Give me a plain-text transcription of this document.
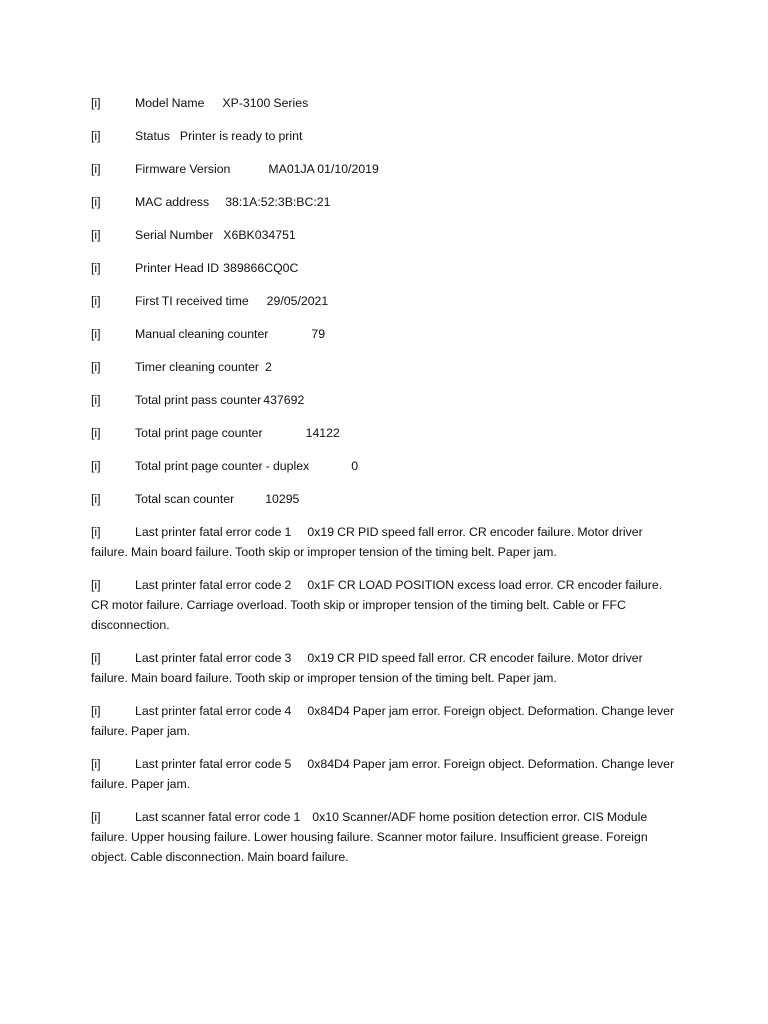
[i]	Model Name XP-3100 Series
[i]	Status Printer is ready to print
[i]	Firmware Version	MA01JA 01/10/2019
[i]	MAC address 38:1A:52:3B:BC:21
[i]	Serial Number X6BK034751
[i]	Printer Head ID 389866CQ0C
[i]	First TI received time 29/05/2021
[i]	Manual cleaning counter	79
[i]	Timer cleaning counter 2
[i]	Total print pass counter 437692
[i]	Total print page counter	14122
[i]	Total print page counter - duplex	0
[i]	Total scan counter	10295
[i]	Last printer fatal error code 1 0x19 CR PID speed fall error. CR encoder failure. Motor driver failure. Main board failure. Tooth skip or improper tension of the timing belt. Paper jam.
[i]	Last printer fatal error code 2 0x1F CR LOAD POSITION excess load error. CR encoder failure. CR motor failure. Carriage overload. Tooth skip or improper tension of the timing belt. Cable or FFC disconnection.
[i]	Last printer fatal error code 3 0x19 CR PID speed fall error. CR encoder failure. Motor driver failure. Main board failure. Tooth skip or improper tension of the timing belt. Paper jam.
[i]	Last printer fatal error code 4 0x84D4 Paper jam error. Foreign object. Deformation. Change lever failure. Paper jam.
[i]	Last printer fatal error code 5 0x84D4 Paper jam error. Foreign object. Deformation. Change lever failure. Paper jam.
[i]	Last scanner fatal error code 1 0x10 Scanner/ADF home position detection error. CIS Module failure. Upper housing failure. Lower housing failure. Scanner motor failure. Insufficient grease. Foreign object. Cable disconnection. Main board failure.
